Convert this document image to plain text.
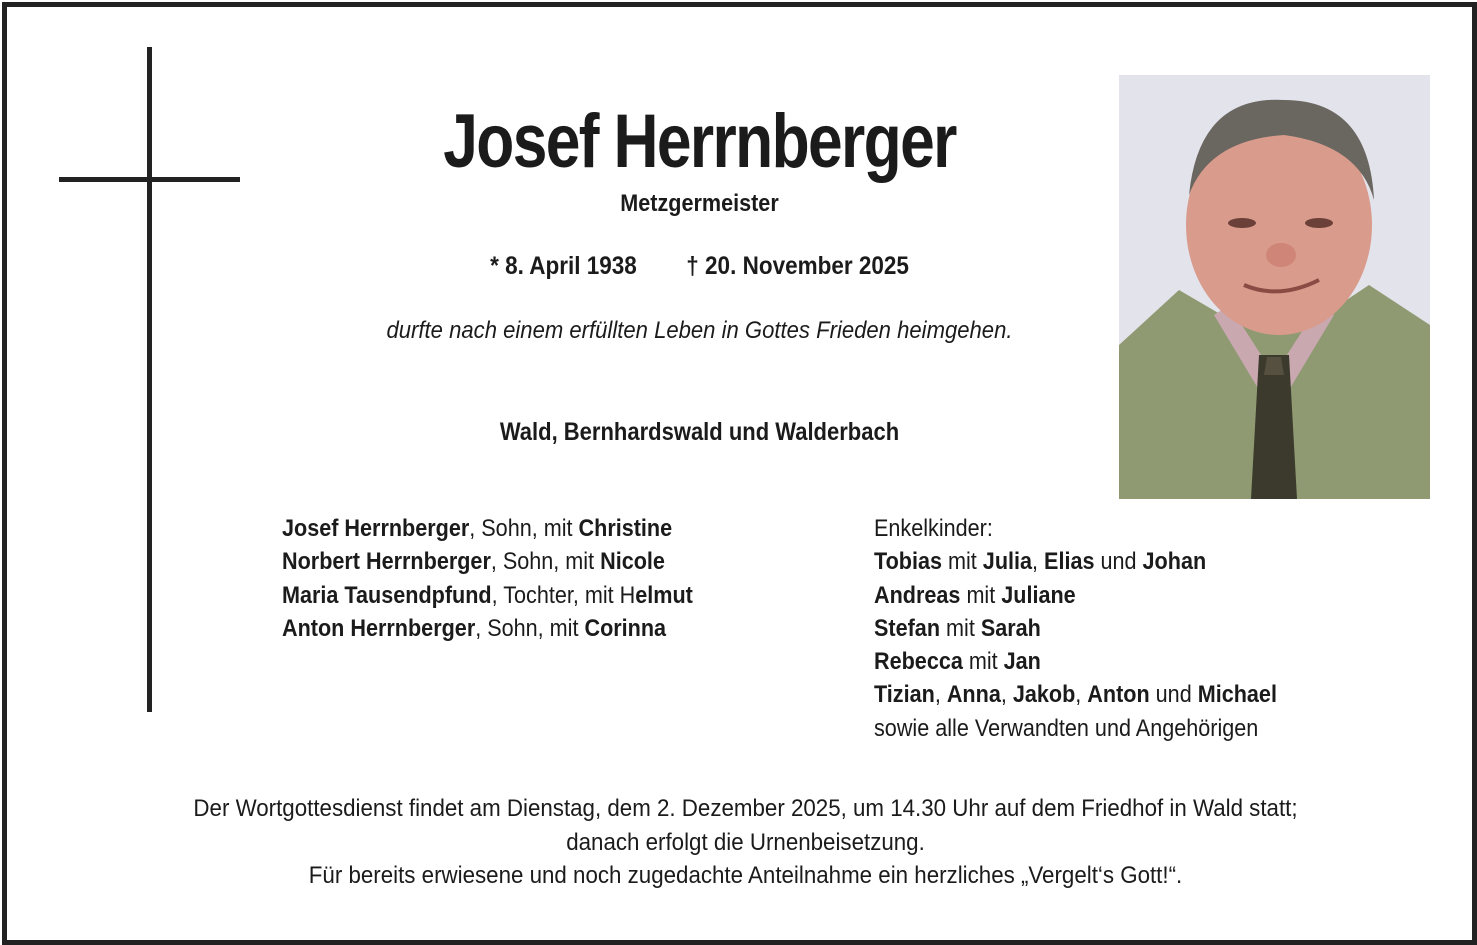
Josef Herrnberger
Metzgermeister
* 8. April 1938 † 20. November 2025
durfte nach einem erfüllten Leben in Gottes Frieden heimgehen.
Wald, Bernhardswald und Walderbach
Josef Herrnberger, Sohn, mit Christine
Norbert Herrnberger, Sohn, mit Nicole
Maria Tausendpfund, Tochter, mit Helmut
Anton Herrnberger, Sohn, mit Corinna
Enkelkinder:
Tobias mit Julia, Elias und Johan
Andreas mit Juliane
Stefan mit Sarah
Rebecca mit Jan
Tizian, Anna, Jakob, Anton und Michael
sowie alle Verwandten und Angehörigen
Der Wortgottesdienst findet am Dienstag, dem 2. Dezember 2025, um 14.30 Uhr auf dem Friedhof in Wald statt;
danach erfolgt die Urnenbeisetzung.
Für bereits erwiesene und noch zugedachte Anteilnahme ein herzliches „Vergelt‘s Gott!“.
